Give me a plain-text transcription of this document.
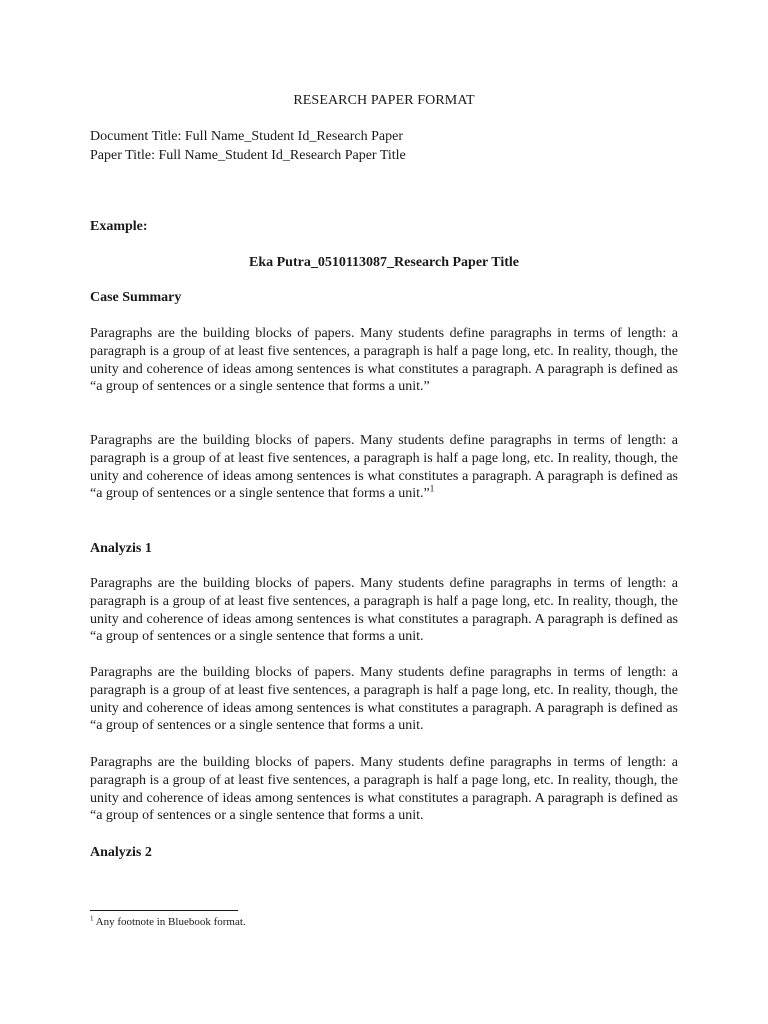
RESEARCH PAPER FORMAT
Document Title: Full Name_Student Id_Research Paper
Paper Title: Full Name_Student Id_Research Paper Title
Example:
Eka Putra_0510113087_Research Paper Title
Case Summary

Paragraphs are the building blocks of papers. Many students define paragraphs in terms of length: a paragraph is a group of at least five sentences, a paragraph is half a page long, etc. In reality, though, the unity and coherence of ideas among sentences is what constitutes a paragraph. A paragraph is defined as “a group of sentences or a single sentence that forms a unit.”

Paragraphs are the building blocks of papers. Many students define paragraphs in terms of length: a paragraph is a group of at least five sentences, a paragraph is half a page long, etc. In reality, though, the unity and coherence of ideas among sentences is what constitutes a paragraph. A paragraph is defined as “a group of sentences or a single sentence that forms a unit.”$^1$

Analyzis 1

Paragraphs are the building blocks of papers. Many students define paragraphs in terms of length: a paragraph is a group of at least five sentences, a paragraph is half a page long, etc. In reality, though, the unity and coherence of ideas among sentences is what constitutes a paragraph. A paragraph is defined as “a group of sentences or a single sentence that forms a unit.

Paragraphs are the building blocks of papers. Many students define paragraphs in terms of length: a paragraph is a group of at least five sentences, a paragraph is half a page long, etc. In reality, though, the unity and coherence of ideas among sentences is what constitutes a paragraph. A paragraph is defined as “a group of sentences or a single sentence that forms a unit.

Paragraphs are the building blocks of papers. Many students define paragraphs in terms of length: a paragraph is a group of at least five sentences, a paragraph is half a page long, etc. In reality, though, the unity and coherence of ideas among sentences is what constitutes a paragraph. A paragraph is defined as “a group of sentences or a single sentence that forms a unit.

Analyzis 2
$^1$ Any footnote in Bluebook format.
